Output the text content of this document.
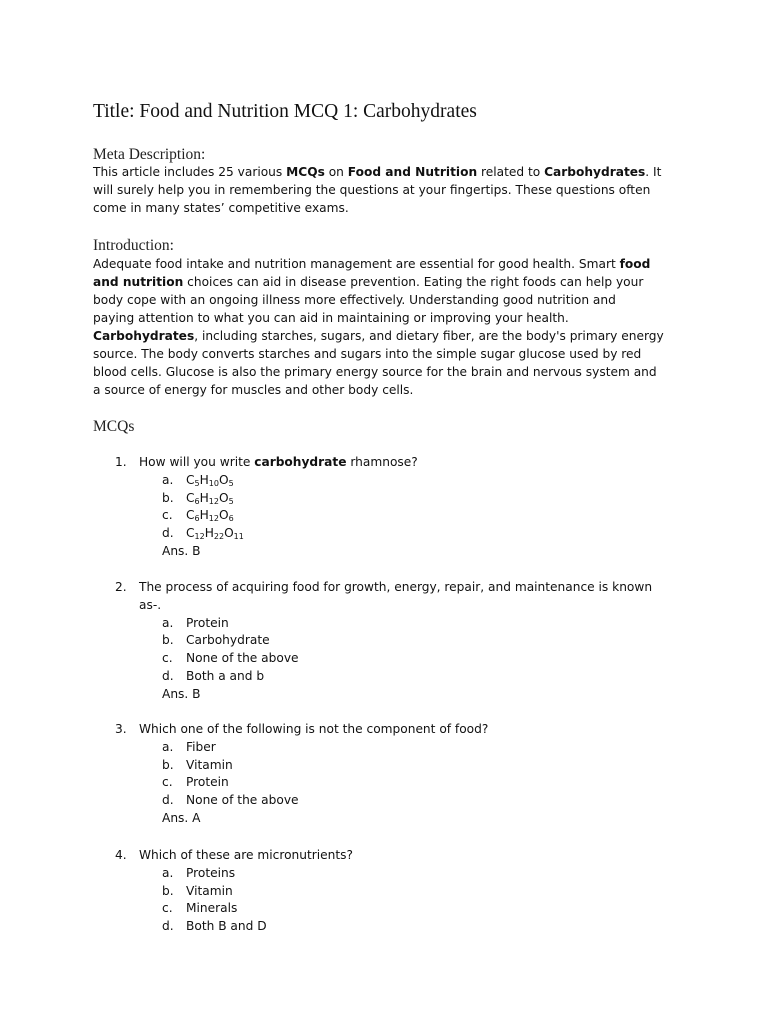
Title: Food and Nutrition MCQ 1: Carbohydrates
Meta Description:
This article includes 25 various MCQs on Food and Nutrition related to Carbohydrates. It
will surely help you in remembering the questions at your fingertips. These questions often
come in many states’ competitive exams.
Introduction:
Adequate food intake and nutrition management are essential for good health. Smart food
and nutrition choices can aid in disease prevention. Eating the right foods can help your
body cope with an ongoing illness more effectively. Understanding good nutrition and
paying attention to what you can aid in maintaining or improving your health.
Carbohydrates, including starches, sugars, and dietary fiber, are the body's primary energy
source. The body converts starches and sugars into the simple sugar glucose used by red
blood cells. Glucose is also the primary energy source for the brain and nervous system and
a source of energy for muscles and other body cells.
MCQs
1. How will you write carbohydrate rhamnose?
a. $C_5H_{10}O_5$
b. $C_6H_{12}O_5$
c. $C_6H_{12}O_6$
d. $C_{12}H_{22}O_{11}$
Ans. B
2. The process of acquiring food for growth, energy, repair, and maintenance is known
as-.
a. Protein
b. Carbohydrate
c. None of the above
d. Both a and b
Ans. B
3. Which one of the following is not the component of food?
a. Fiber
b. Vitamin
c. Protein
d. None of the above
Ans. A
4. Which of these are micronutrients?
a. Proteins
b. Vitamin
c. Minerals
d. Both B and D
